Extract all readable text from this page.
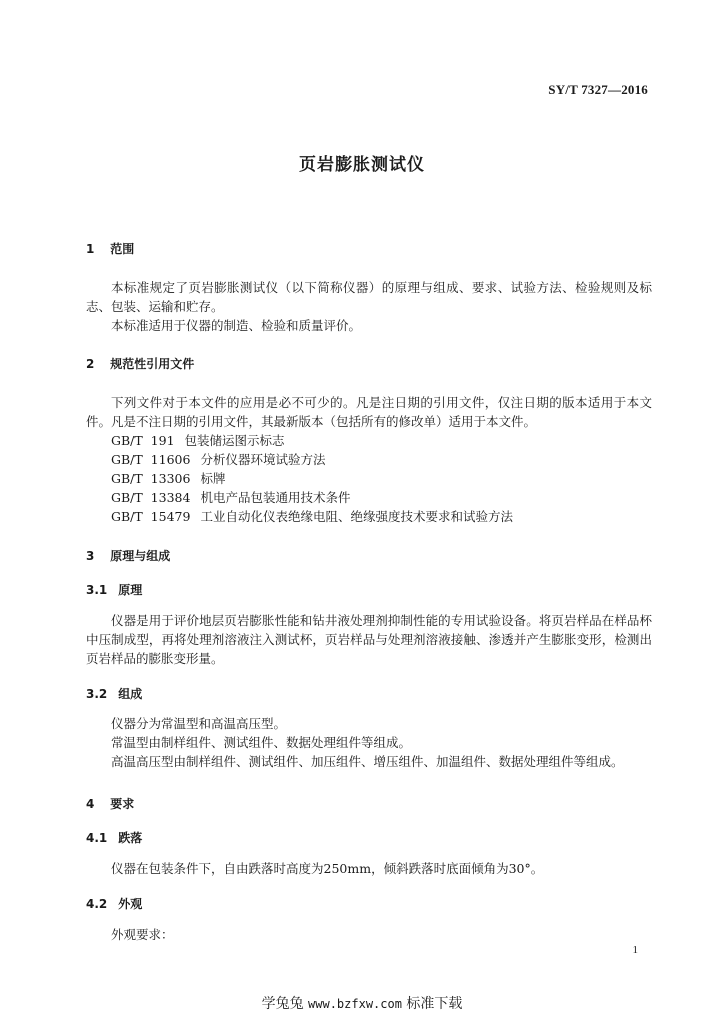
SY/T 7327—2016
页岩膨胀测试仪
1 范围

本标准规定了页岩膨胀测试仪（以下简称仪器）的原理与组成、要求、试验方法、检验规则及标志、包装、运输和贮存。

本标准适用于仪器的制造、检验和质量评价。

2 规范性引用文件

下列文件对于本文件的应用是必不可少的。凡是注日期的引用文件，仅注日期的版本适用于本文件。凡是不注日期的引用文件，其最新版本（包括所有的修改单）适用于本文件。

GB/T  191 包装储运图示标志

GB/T  11606 分析仪器环境试验方法

GB/T  13306 标牌

GB/T  13384 机电产品包装通用技术条件

GB/T  15479 工业自动化仪表绝缘电阻、绝缘强度技术要求和试验方法

3 原理与组成
3.1 原理

仪器是用于评价地层页岩膨胀性能和钻井液处理剂抑制性能的专用试验设备。将页岩样品在样品杯中压制成型，再将处理剂溶液注入测试杯，页岩样品与处理剂溶液接触、渗透并产生膨胀变形，检测出页岩样品的膨胀变形量。

3.2 组成

仪器分为常温型和高温高压型。

常温型由制样组件、测试组件、数据处理组件等组成。

高温高压型由制样组件、测试组件、加压组件、增压组件、加温组件、数据处理组件等组成。

4 要求
4.1 跌落

仪器在包装条件下，自由跌落时高度为250mm，倾斜跌落时底面倾角为30°。

4.2 外观

外观要求：

1
学兔兔 www.bzfxw.com 标准下载
